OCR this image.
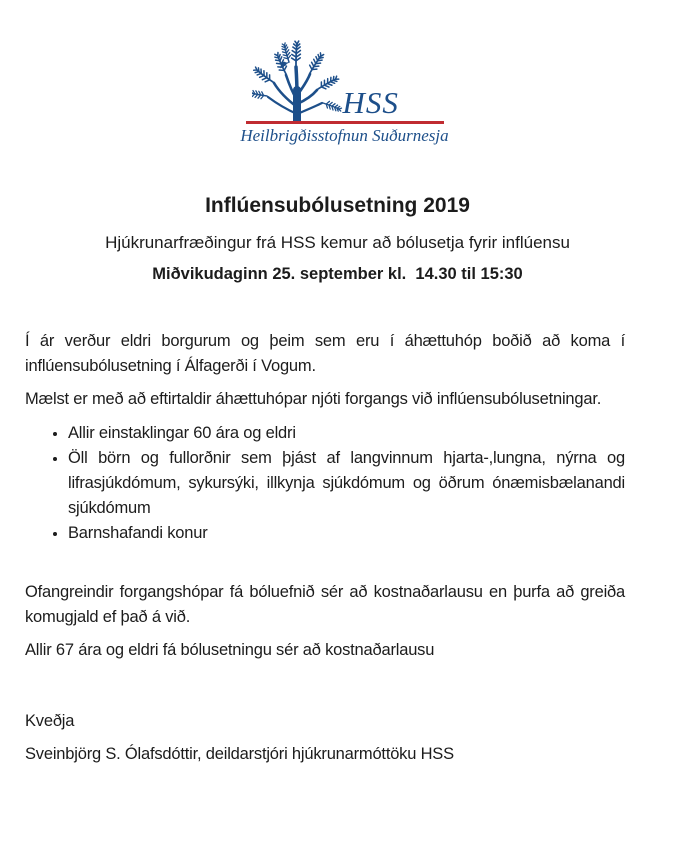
HSS
Heilbrigðisstofnun Suðurnesja
Inflúensubólusetning 2019
Hjúkrunarfræðingur frá HSS kemur að bólusetja fyrir inflúensu
Miðvikudaginn 25. september kl.  14.30 til 15:30

Í ár verður eldri borgurum og þeim sem eru í áhættuhóp boðið að koma í inflúensubólusetning í Álfagerði í Vogum.

Mælst er með að eftirtaldir áhættuhópar njóti forgangs við inflúensubólusetningar.

• Allir einstaklingar 60 ára og eldri
• Öll börn og fullorðnir sem þjást af langvinnum hjarta-,lungna, nýrna og lifrasjúkdómum, sykursýki, illkynja sjúkdómum og öðrum ónæmisbælanandi sjúkdómum
• Barnshafandi konur

Ofangreindir forgangshópar fá bóluefnið sér að kostnaðarlausu en þurfa að greiða komugjald ef það á við.

Allir 67 ára og eldri fá bólusetningu sér að kostnaðarlausu

Kveðja

Sveinbjörg S. Ólafsdóttir, deildarstjóri hjúkrunarmóttöku HSS
